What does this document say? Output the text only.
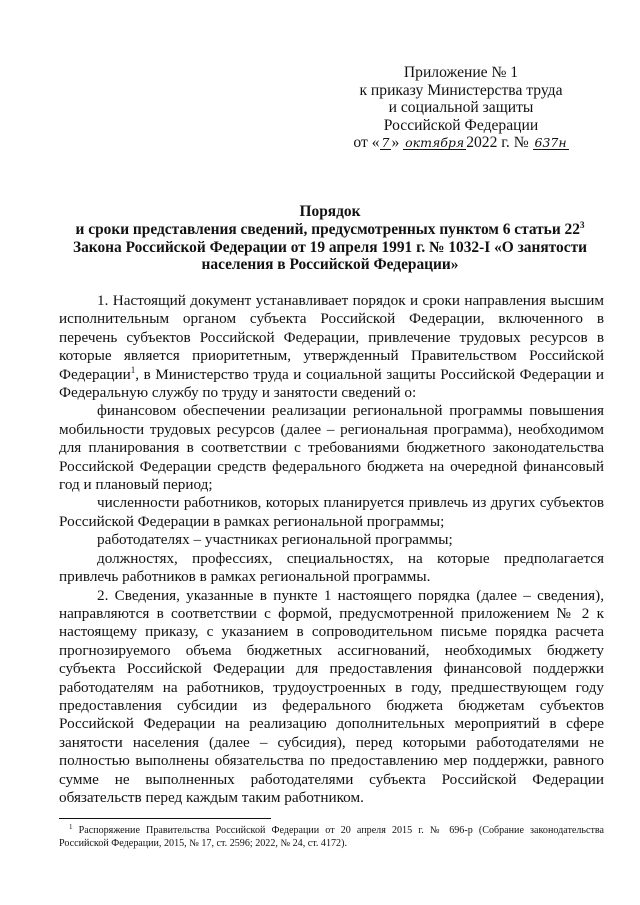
Приложение № 1
к приказу Министерства труда
и социальной защиты
Российской Федерации
от « 7 » октября 2022 г. № 637н
Порядок
и сроки представления сведений, предусмотренных пунктом 6 статьи $22^3$
Закона Российской Федерации от 19 апреля 1991 г. № 1032-I «О занятости
населения в Российской Федерации»

1. Настоящий документ устанавливает порядок и сроки направления высшим исполнительным органом субъекта Российской Федерации, включенного в перечень субъектов Российской Федерации, привлечение трудовых ресурсов в которые является приоритетным, утвержденный Правительством Российской Федерации$^1$, в Министерство труда и социальной защиты Российской Федерации и Федеральную службу по труду и занятости сведений о:

финансовом обеспечении реализации региональной программы повышения мобильности трудовых ресурсов (далее – региональная программа), необходимом для планирования в соответствии с требованиями бюджетного законодательства Российской Федерации средств федерального бюджета на очередной финансовый год и плановый период;

численности работников, которых планируется привлечь из других субъектов Российской Федерации в рамках региональной программы;

работодателях – участниках региональной программы;

должностях, профессиях, специальностях, на которые предполагается привлечь работников в рамках региональной программы.

2. Сведения, указанные в пункте 1 настоящего порядка (далее – сведения), направляются в соответствии с формой, предусмотренной приложением № 2 к настоящему приказу, с указанием в сопроводительном письме порядка расчета прогнозируемого объема бюджетных ассигнований, необходимых бюджету субъекта Российской Федерации для предоставления финансовой поддержки работодателям на работников, трудоустроенных в году, предшествующем году предоставления субсидии из федерального бюджета бюджетам субъектов Российской Федерации на реализацию дополнительных мероприятий в сфере занятости населения (далее – субсидия), перед которыми работодателями не полностью выполнены обязательства по предоставлению мер поддержки, равного сумме не выполненных работодателями субъекта Российской Федерации обязательств перед каждым таким работником.

$^1$ Распоряжение Правительства Российской Федерации от 20 апреля 2015 г. № 696-р (Собрание законодательства Российской Федерации, 2015, № 17, ст. 2596; 2022, № 24, ст. 4172).
